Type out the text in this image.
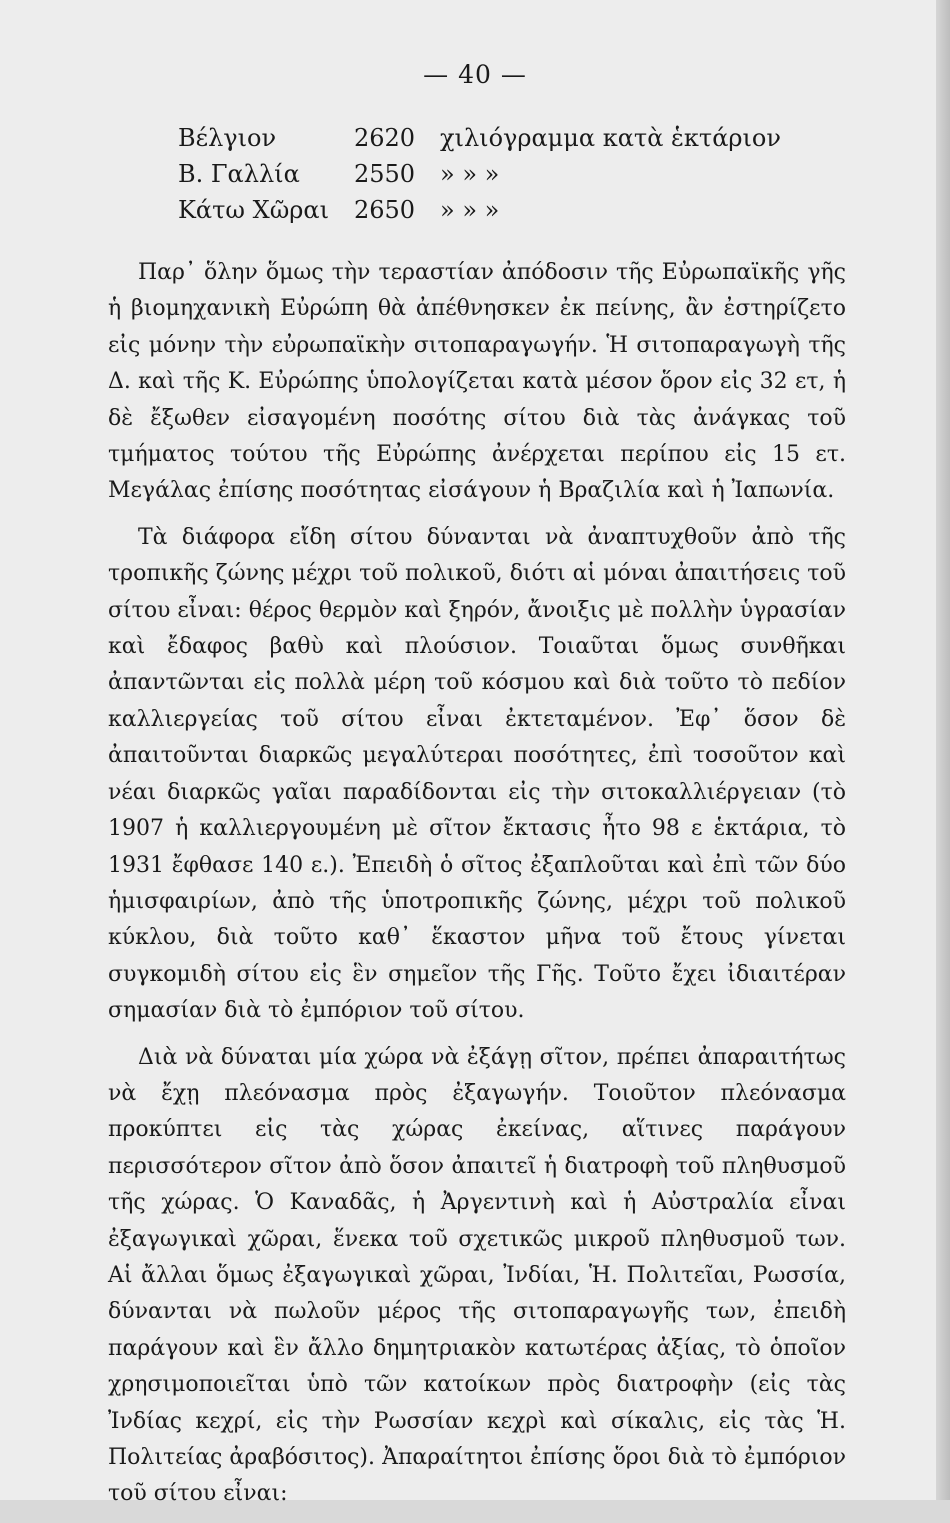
— 40 —
Βέλγιον	2620	χιλιόγραμμα κατὰ ἑκτάριον
Β. Γαλλία	2550	» » »
Κάτω Χῶραι	2650	» » »

Παρ᾽ ὅλην ὅμως τὴν τεραστίαν ἀπόδοσιν τῆς Εὐρωπαϊκῆς γῆς ἡ βιομηχανικὴ Εὐρώπη θὰ ἀπέθνησκεν ἐκ πείνης, ἂν ἐστηρίζετο εἰς μόνην τὴν εὐρωπαϊκὴν σιτοπαραγωγήν. Ἡ σιτοπαραγωγὴ τῆς Δ. καὶ τῆς Κ. Εὐρώπης ὑπολογίζεται κατὰ μέσον ὅρον εἰς 32 ετ, ἡ δὲ ἔξωθεν εἰσαγομένη ποσότης σίτου διὰ τὰς ἀνάγκας τοῦ τμήματος τούτου τῆς Εὐρώπης ἀνέρχεται περίπου εἰς 15 ετ. Μεγάλας ἐπίσης ποσότητας εἰσάγουν ἡ Βραζιλία καὶ ἡ Ἰαπωνία.

Τὰ διάφορα εἴδη σίτου δύνανται νὰ ἀναπτυχθοῦν ἀπὸ τῆς τροπικῆς ζώνης μέχρι τοῦ πολικοῦ, διότι αἱ μόναι ἀπαιτήσεις τοῦ σίτου εἶναι: θέρος θερμὸν καὶ ξηρόν, ἄνοιξις μὲ πολλὴν ὑγρασίαν καὶ ἔδαφος βαθὺ καὶ πλούσιον. Τοιαῦται ὅμως συνθῆκαι ἀπαντῶνται εἰς πολλὰ μέρη τοῦ κόσμου καὶ διὰ τοῦτο τὸ πεδίον καλλιεργείας τοῦ σίτου εἶναι ἐκτεταμένον. Ἐφ᾽ ὅσον δὲ ἀπαιτοῦνται διαρκῶς μεγαλύτεραι ποσότητες, ἐπὶ τοσοῦτον καὶ νέαι διαρκῶς γαῖαι παραδίδονται εἰς τὴν σιτοκαλλιέργειαν (τὸ 1907 ἡ καλλιεργουμένη μὲ σῖτον ἔκτασις ἦτο 98 ε ἑκτάρια, τὸ 1931 ἔφθασε 140 ε.). Ἐπειδὴ ὁ σῖτος ἐξαπλοῦται καὶ ἐπὶ τῶν δύο ἡμισφαιρίων, ἀπὸ τῆς ὑποτροπικῆς ζώνης, μέχρι τοῦ πολικοῦ κύκλου, διὰ τοῦτο καθ᾽ ἕκαστον μῆνα τοῦ ἔτους γίνεται συγκομιδὴ σίτου εἰς ἓν σημεῖον τῆς Γῆς. Τοῦτο ἔχει ἰδιαιτέραν σημασίαν διὰ τὸ ἐμπόριον τοῦ σίτου.

Διὰ νὰ δύναται μία χώρα νὰ ἐξάγῃ σῖτον, πρέπει ἀπαραιτήτως νὰ ἔχῃ πλεόνασμα πρὸς ἐξαγωγήν. Τοιοῦτον πλεόνασμα προκύπτει εἰς τὰς χώρας ἐκείνας, αἵτινες παράγουν περισσότερον σῖτον ἀπὸ ὅσον ἀπαιτεῖ ἡ διατροφὴ τοῦ πληθυσμοῦ τῆς χώρας. Ὁ Καναδᾶς, ἡ Ἀργεντινὴ καὶ ἡ Αὐστραλία εἶναι ἐξαγωγικαὶ χῶραι, ἕνεκα τοῦ σχετικῶς μικροῦ πληθυσμοῦ των. Αἱ ἄλλαι ὅμως ἐξαγωγικαὶ χῶραι, Ἰνδίαι, Ἡ. Πολιτεῖαι, Ρωσσία, δύνανται νὰ πωλοῦν μέρος τῆς σιτοπαραγωγῆς των, ἐπειδὴ παράγουν καὶ ἓν ἄλλο δημητριακὸν κατωτέρας ἀξίας, τὸ ὁποῖον χρησιμοποιεῖται ὑπὸ τῶν κατοίκων πρὸς διατροφὴν (εἰς τὰς Ἰνδίας κεχρί, εἰς τὴν Ρωσσίαν κεχρὶ καὶ σίκαλις, εἰς τὰς Ἡ. Πολιτείας ἀραβόσιτος). Ἀπαραίτητοι ἐπίσης ὅροι διὰ τὸ ἐμπόριον τοῦ σίτου εἶναι:
